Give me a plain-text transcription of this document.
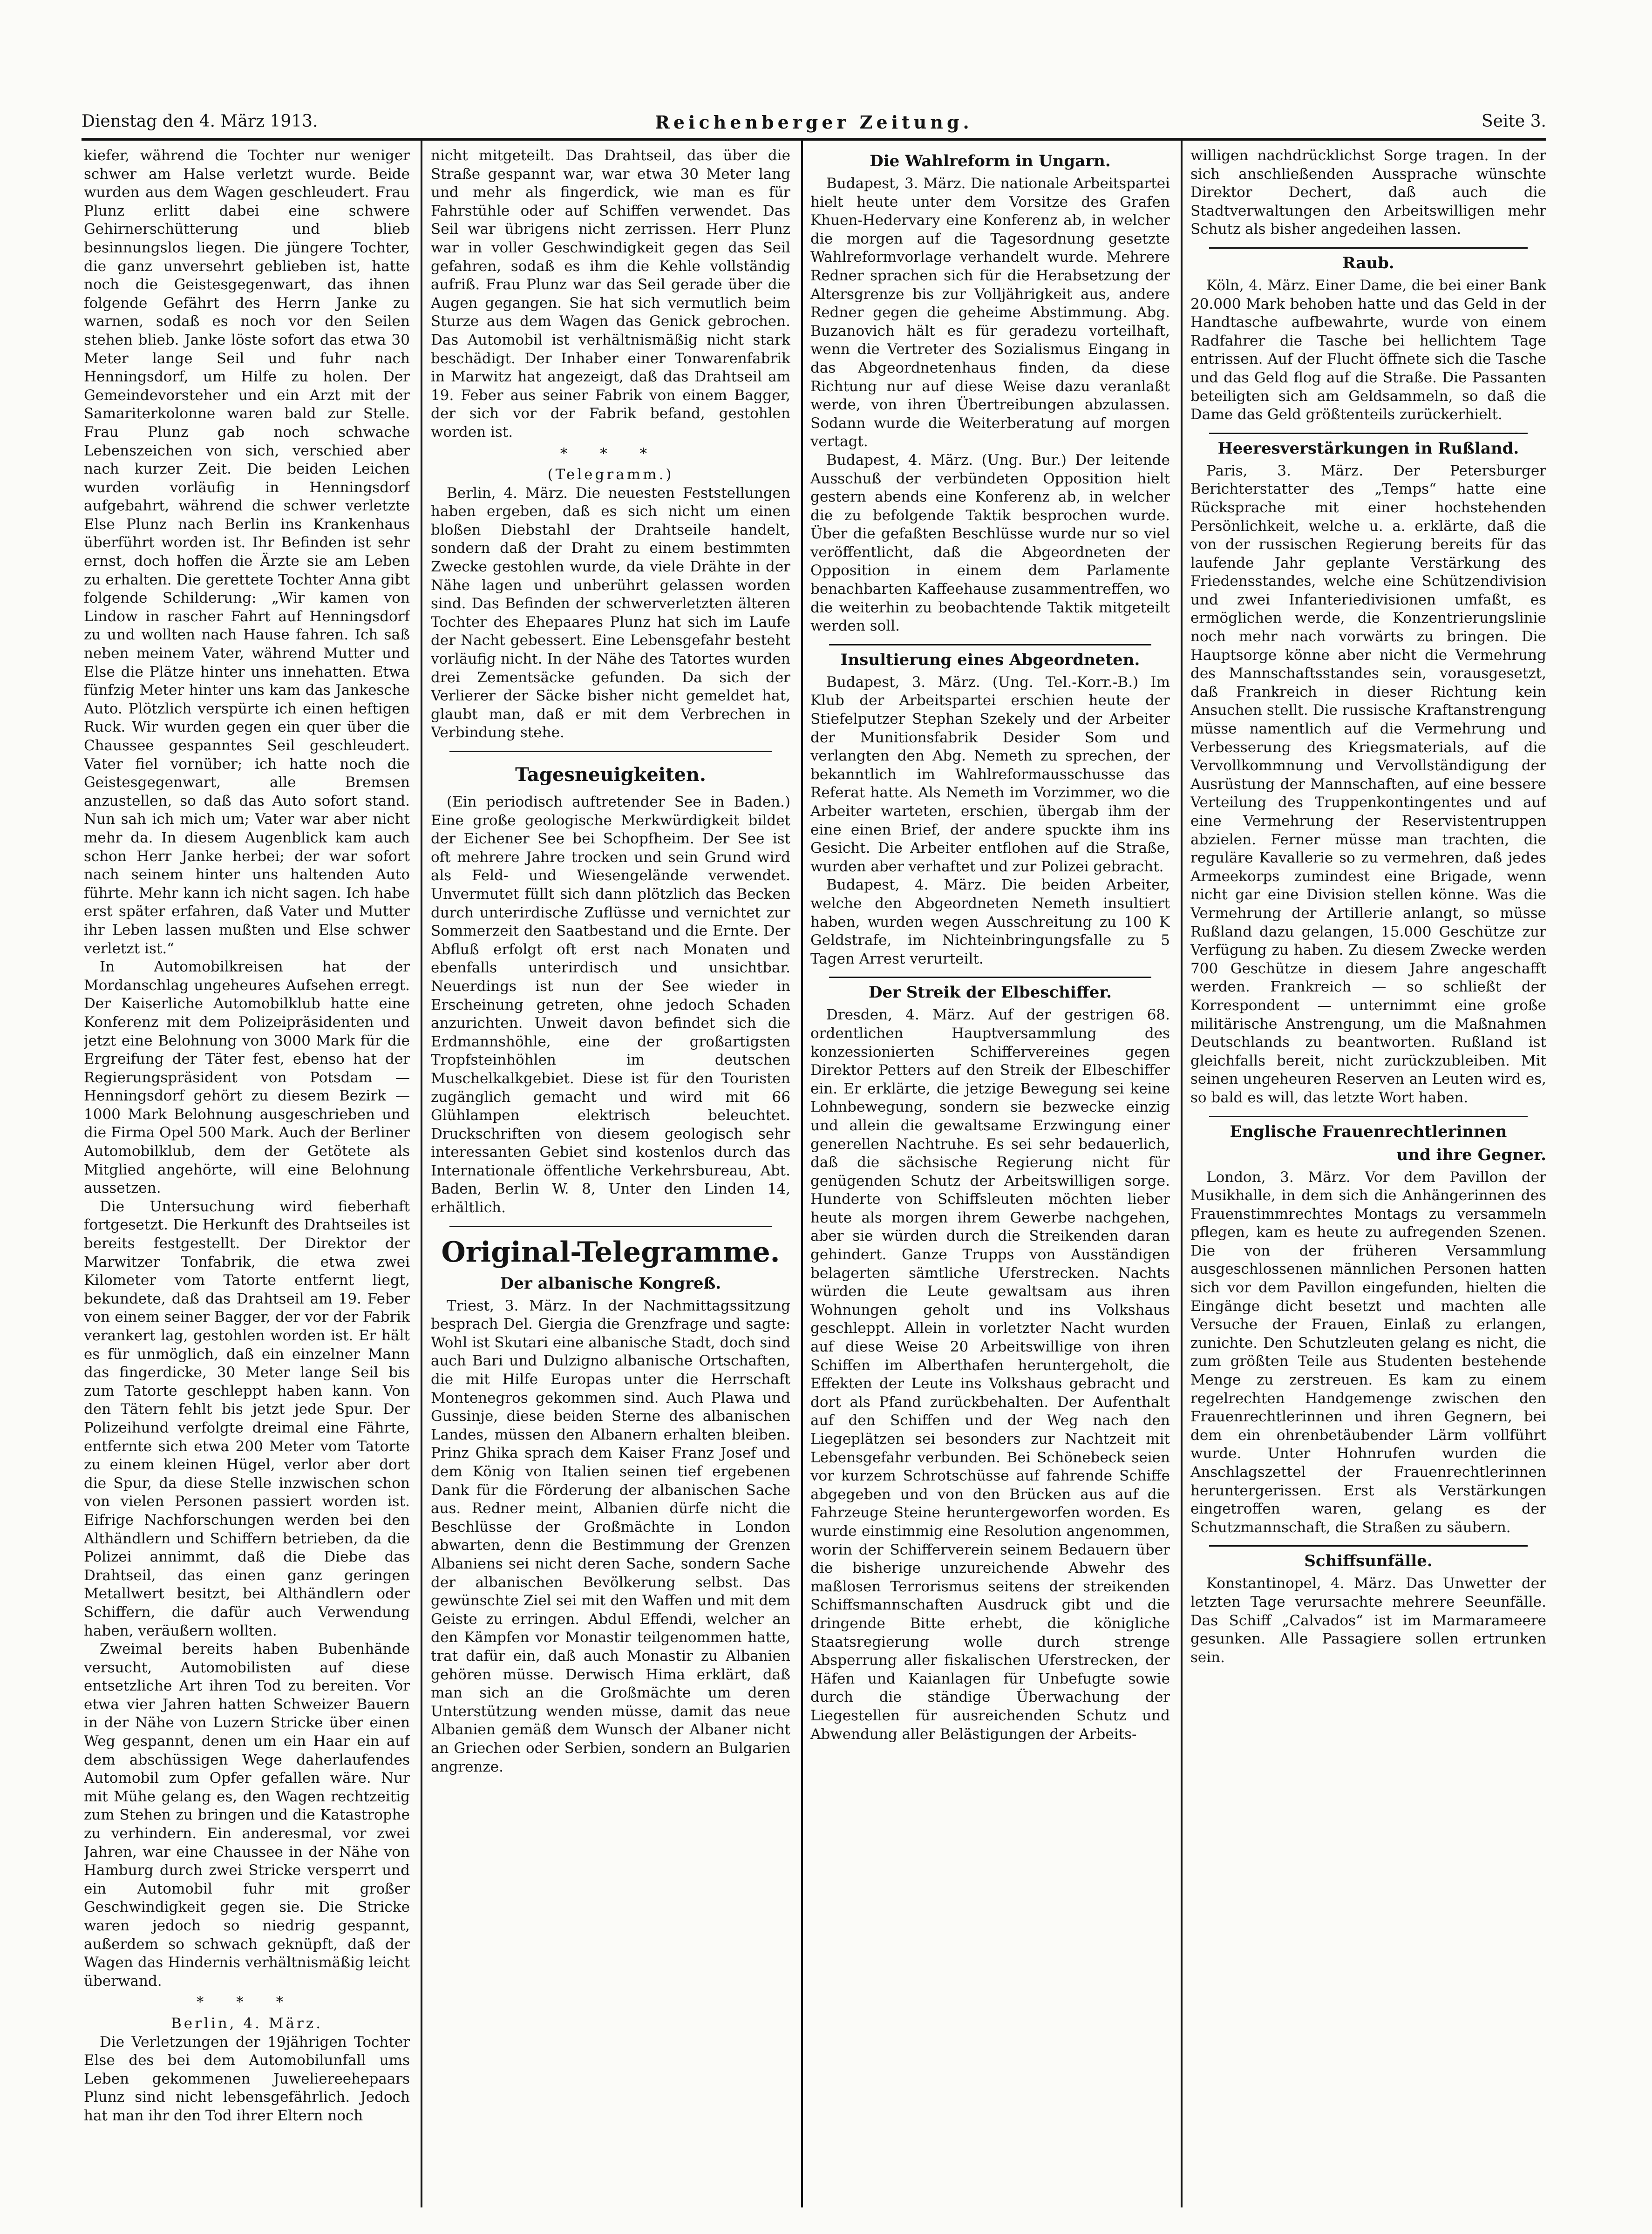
Dienstag den 4. März 1913.	Reichenberger Zeitung.	Seite 3.

kiefer, während die Tochter nur weniger schwer am Halse verletzt wurde. Beide wurden aus dem Wagen geschleudert. Frau Plunz erlitt dabei eine schwere Gehirnerschütterung und blieb besinnungslos liegen. Die jüngere Tochter, die ganz unversehrt geblieben ist, hatte noch die Geistesgegenwart, das ihnen folgende Gefährt des Herrn Janke zu warnen, sodaß es noch vor den Seilen stehen blieb. Janke löste sofort das etwa 30 Meter lange Seil und fuhr nach Henningsdorf, um Hilfe zu holen. Der Gemeindevorsteher und ein Arzt mit der Samariterkolonne waren bald zur Stelle. Frau Plunz gab noch schwache Lebenszeichen von sich, verschied aber nach kurzer Zeit. Die beiden Leichen wurden vorläufig in Henningsdorf aufgebahrt, während die schwer verletzte Else Plunz nach Berlin ins Krankenhaus überführt worden ist. Ihr Befinden ist sehr ernst, doch hoffen die Ärzte sie am Leben zu erhalten. Die gerettete Tochter Anna gibt folgende Schilderung: „Wir kamen von Lindow in rascher Fahrt auf Henningsdorf zu und wollten nach Hause fahren. Ich saß neben meinem Vater, während Mutter und Else die Plätze hinter uns innehatten. Etwa fünfzig Meter hinter uns kam das Jankesche Auto. Plötzlich verspürte ich einen heftigen Ruck. Wir wurden gegen ein quer über die Chaussee gespanntes Seil geschleudert. Vater fiel vornüber; ich hatte noch die Geistesgegenwart, alle Bremsen anzustellen, so daß das Auto sofort stand. Nun sah ich mich um; Vater war aber nicht mehr da. In diesem Augenblick kam auch schon Herr Janke herbei; der war sofort nach seinem hinter uns haltenden Auto führte. Mehr kann ich nicht sagen. Ich habe erst später erfahren, daß Vater und Mutter ihr Leben lassen mußten und Else schwer verletzt ist.“

In Automobilkreisen hat der Mordanschlag ungeheures Aufsehen erregt. Der Kaiserliche Automobilklub hatte eine Konferenz mit dem Polizeipräsidenten und jetzt eine Belohnung von 3000 Mark für die Ergreifung der Täter fest, ebenso hat der Regierungspräsident von Potsdam — Henningsdorf gehört zu diesem Bezirk — 1000 Mark Belohnung ausgeschrieben und die Firma Opel 500 Mark. Auch der Berliner Automobilklub, dem der Getötete als Mitglied angehörte, will eine Belohnung aussetzen.

Die Untersuchung wird fieberhaft fortgesetzt. Die Herkunft des Drahtseiles ist bereits festgestellt. Der Direktor der Marwitzer Tonfabrik, die etwa zwei Kilometer vom Tatorte entfernt liegt, bekundete, daß das Drahtseil am 19. Feber von einem seiner Bagger, der vor der Fabrik verankert lag, gestohlen worden ist. Er hält es für unmöglich, daß ein einzelner Mann das fingerdicke, 30 Meter lange Seil bis zum Tatorte geschleppt haben kann. Von den Tätern fehlt bis jetzt jede Spur. Der Polizeihund verfolgte dreimal eine Fährte, entfernte sich etwa 200 Meter vom Tatorte zu einem kleinen Hügel, verlor aber dort die Spur, da diese Stelle inzwischen schon von vielen Personen passiert worden ist. Eifrige Nachforschungen werden bei den Althändlern und Schiffern betrieben, da die Polizei annimmt, daß die Diebe das Drahtseil, das einen ganz geringen Metallwert besitzt, bei Althändlern oder Schiffern, die dafür auch Verwendung haben, veräußern wollten.

Zweimal bereits haben Bubenhände versucht, Automobilisten auf diese entsetzliche Art ihren Tod zu bereiten. Vor etwa vier Jahren hatten Schweizer Bauern in der Nähe von Luzern Stricke über einen Weg gespannt, denen um ein Haar ein auf dem abschüssigen Wege daherlaufendes Automobil zum Opfer gefallen wäre. Nur mit Mühe gelang es, den Wagen rechtzeitig zum Stehen zu bringen und die Katastrophe zu verhindern. Ein anderesmal, vor zwei Jahren, war eine Chaussee in der Nähe von Hamburg durch zwei Stricke versperrt und ein Automobil fuhr mit großer Geschwindigkeit gegen sie. Die Stricke waren jedoch so niedrig gespannt, außerdem so schwach geknüpft, daß der Wagen das Hindernis verhältnismäßig leicht überwand.

* * *

Berlin, 4. März.

Die Verletzungen der 19jährigen Tochter Else des bei dem Automobilunfall ums Leben gekommenen Juweliereehepaars Plunz sind nicht lebensgefährlich. Jedoch hat man ihr den Tod ihrer Eltern noch

nicht mitgeteilt. Das Drahtseil, das über die Straße gespannt war, war etwa 30 Meter lang und mehr als fingerdick, wie man es für Fahrstühle oder auf Schiffen verwendet. Das Seil war übrigens nicht zerrissen. Herr Plunz war in voller Geschwindigkeit gegen das Seil gefahren, sodaß es ihm die Kehle vollständig aufriß. Frau Plunz war das Seil gerade über die Augen gegangen. Sie hat sich vermutlich beim Sturze aus dem Wagen das Genick gebrochen. Das Automobil ist verhältnismäßig nicht stark beschädigt. Der Inhaber einer Tonwarenfabrik in Marwitz hat angezeigt, daß das Drahtseil am 19. Feber aus seiner Fabrik von einem Bagger, der sich vor der Fabrik befand, gestohlen worden ist.

* * *

(Telegramm.)

Berlin, 4. März. Die neuesten Feststellungen haben ergeben, daß es sich nicht um einen bloßen Diebstahl der Drahtseile handelt, sondern daß der Draht zu einem bestimmten Zwecke gestohlen wurde, da viele Drähte in der Nähe lagen und unberührt gelassen worden sind. Das Befinden der schwerverletzten älteren Tochter des Ehepaares Plunz hat sich im Laufe der Nacht gebessert. Eine Lebensgefahr besteht vorläufig nicht. In der Nähe des Tatortes wurden drei Zementsäcke gefunden. Da sich der Verlierer der Säcke bisher nicht gemeldet hat, glaubt man, daß er mit dem Verbrechen in Verbindung stehe.

Tagesneuigkeiten.

(Ein periodisch auftretender See in Baden.) Eine große geologische Merkwürdigkeit bildet der Eichener See bei Schopfheim. Der See ist oft mehrere Jahre trocken und sein Grund wird als Feld- und Wiesengelände verwendet. Unvermutet füllt sich dann plötzlich das Becken durch unterirdische Zuflüsse und vernichtet zur Sommerzeit den Saatbestand und die Ernte. Der Abfluß erfolgt oft erst nach Monaten und ebenfalls unterirdisch und unsichtbar. Neuerdings ist nun der See wieder in Erscheinung getreten, ohne jedoch Schaden anzurichten. Unweit davon befindet sich die Erdmannshöhle, eine der großartigsten Tropfsteinhöhlen im deutschen Muschelkalkgebiet. Diese ist für den Touristen zugänglich gemacht und wird mit 66 Glühlampen elektrisch beleuchtet. Druckschriften von diesem geologisch sehr interessanten Gebiet sind kostenlos durch das Internationale öffentliche Verkehrsbureau, Abt. Baden, Berlin W. 8, Unter den Linden 14, erhältlich.

Original-Telegramme.
Der albanische Kongreß.

Triest, 3. März. In der Nachmittagssitzung besprach Del. Giergia die Grenzfrage und sagte: Wohl ist Skutari eine albanische Stadt, doch sind auch Bari und Dulzigno albanische Ortschaften, die mit Hilfe Europas unter die Herrschaft Montenegros gekommen sind. Auch Plawa und Gussinje, diese beiden Sterne des albanischen Landes, müssen den Albanern erhalten bleiben. Prinz Ghika sprach dem Kaiser Franz Josef und dem König von Italien seinen tief ergebenen Dank für die Förderung der albanischen Sache aus. Redner meint, Albanien dürfe nicht die Beschlüsse der Großmächte in London abwarten, denn die Bestimmung der Grenzen Albaniens sei nicht deren Sache, sondern Sache der albanischen Bevölkerung selbst. Das gewünschte Ziel sei mit den Waffen und mit dem Geiste zu erringen. Abdul Effendi, welcher an den Kämpfen vor Monastir teilgenommen hatte, trat dafür ein, daß auch Monastir zu Albanien gehören müsse. Derwisch Hima erklärt, daß man sich an die Großmächte um deren Unterstützung wenden müsse, damit das neue Albanien gemäß dem Wunsch der Albaner nicht an Griechen oder Serbien, sondern an Bulgarien angrenze.

Die Wahlreform in Ungarn.

Budapest, 3. März. Die nationale Arbeitspartei hielt heute unter dem Vorsitze des Grafen Khuen-Hedervary eine Konferenz ab, in welcher die morgen auf die Tagesordnung gesetzte Wahlreformvorlage verhandelt wurde. Mehrere Redner sprachen sich für die Herabsetzung der Altersgrenze bis zur Volljährigkeit aus, andere Redner gegen die geheime Abstimmung. Abg. Buzanovich hält es für geradezu vorteilhaft, wenn die Vertreter des Sozialismus Eingang in das Abgeordnetenhaus finden, da diese Richtung nur auf diese Weise dazu veranlaßt werde, von ihren Übertreibungen abzulassen. Sodann wurde die Weiterberatung auf morgen vertagt.

Budapest, 4. März. (Ung. Bur.) Der leitende Ausschuß der verbündeten Opposition hielt gestern abends eine Konferenz ab, in welcher die zu befolgende Taktik besprochen wurde. Über die gefaßten Beschlüsse wurde nur so viel veröffentlicht, daß die Abgeordneten der Opposition in einem dem Parlamente benachbarten Kaffeehause zusammentreffen, wo die weiterhin zu beobachtende Taktik mitgeteilt werden soll.

Insultierung eines Abgeordneten.

Budapest, 3. März. (Ung. Tel.-Korr.-B.) Im Klub der Arbeitspartei erschien heute der Stiefelputzer Stephan Szekely und der Arbeiter der Munitionsfabrik Desider Som und verlangten den Abg. Nemeth zu sprechen, der bekanntlich im Wahlreformausschusse das Referat hatte. Als Nemeth im Vorzimmer, wo die Arbeiter warteten, erschien, übergab ihm der eine einen Brief, der andere spuckte ihm ins Gesicht. Die Arbeiter entflohen auf die Straße, wurden aber verhaftet und zur Polizei gebracht.

Budapest, 4. März. Die beiden Arbeiter, welche den Abgeordneten Nemeth insultiert haben, wurden wegen Ausschreitung zu 100 K Geldstrafe, im Nichteinbringungsfalle zu 5 Tagen Arrest verurteilt.

Der Streik der Elbeschiffer.

Dresden, 4. März. Auf der gestrigen 68. ordentlichen Hauptversammlung des konzessionierten Schiffervereines gegen Direktor Petters auf den Streik der Elbeschiffer ein. Er erklärte, die jetzige Bewegung sei keine Lohnbewegung, sondern sie bezwecke einzig und allein die gewaltsame Erzwingung einer generellen Nachtruhe. Es sei sehr bedauerlich, daß die sächsische Regierung nicht für genügenden Schutz der Arbeitswilligen sorge. Hunderte von Schiffsleuten möchten lieber heute als morgen ihrem Gewerbe nachgehen, aber sie würden durch die Streikenden daran gehindert. Ganze Trupps von Ausständigen belagerten sämtliche Uferstrecken. Nachts würden die Leute gewaltsam aus ihren Wohnungen geholt und ins Volkshaus geschleppt. Allein in vorletzter Nacht wurden auf diese Weise 20 Arbeitswillige von ihren Schiffen im Alberthafen heruntergeholt, die Effekten der Leute ins Volkshaus gebracht und dort als Pfand zurückbehalten. Der Aufenthalt auf den Schiffen und der Weg nach den Liegeplätzen sei besonders zur Nachtzeit mit Lebensgefahr verbunden. Bei Schönebeck seien vor kurzem Schrotschüsse auf fahrende Schiffe abgegeben und von den Brücken aus auf die Fahrzeuge Steine heruntergeworfen worden. Es wurde einstimmig eine Resolution angenommen, worin der Schifferverein seinem Bedauern über die bisherige unzureichende Abwehr des maßlosen Terrorismus seitens der streikenden Schiffsmannschaften Ausdruck gibt und die dringende Bitte erhebt, die königliche Staatsregierung wolle durch strenge Absperrung aller fiskalischen Uferstrecken, der Häfen und Kaianlagen für Unbefugte sowie durch die ständige Überwachung der Liegestellen für ausreichenden Schutz und Abwendung aller Belästigungen der Arbeits-

willigen nachdrücklichst Sorge tragen. In der sich anschließenden Aussprache wünschte Direktor Dechert, daß auch die Stadtverwaltungen den Arbeitswilligen mehr Schutz als bisher angedeihen lassen.

Raub.

Köln, 4. März. Einer Dame, die bei einer Bank 20.000 Mark behoben hatte und das Geld in der Handtasche aufbewahrte, wurde von einem Radfahrer die Tasche bei hellichtem Tage entrissen. Auf der Flucht öffnete sich die Tasche und das Geld flog auf die Straße. Die Passanten beteiligten sich am Geldsammeln, so daß die Dame das Geld größtenteils zurückerhielt.

Heeresverstärkungen in Rußland.

Paris, 3. März. Der Petersburger Berichterstatter des „Temps“ hatte eine Rücksprache mit einer hochstehenden Persönlichkeit, welche u. a. erklärte, daß die von der russischen Regierung bereits für das laufende Jahr geplante Verstärkung des Friedensstandes, welche eine Schützendivision und zwei Infanteriedivisionen umfaßt, es ermöglichen werde, die Konzentrierungslinie noch mehr nach vorwärts zu bringen. Die Hauptsorge könne aber nicht die Vermehrung des Mannschaftsstandes sein, vorausgesetzt, daß Frankreich in dieser Richtung kein Ansuchen stellt. Die russische Kraftanstrengung müsse namentlich auf die Vermehrung und Verbesserung des Kriegsmaterials, auf die Vervollkommnung und Vervollständigung der Ausrüstung der Mannschaften, auf eine bessere Verteilung des Truppenkontingentes und auf eine Vermehrung der Reservistentruppen abzielen. Ferner müsse man trachten, die reguläre Kavallerie so zu vermehren, daß jedes Armeekorps zumindest eine Brigade, wenn nicht gar eine Division stellen könne. Was die Vermehrung der Artillerie anlangt, so müsse Rußland dazu gelangen, 15.000 Geschütze zur Verfügung zu haben. Zu diesem Zwecke werden 700 Geschütze in diesem Jahre angeschafft werden. Frankreich — so schließt der Korrespondent — unternimmt eine große militärische Anstrengung, um die Maßnahmen Deutschlands zu beantworten. Rußland ist gleichfalls bereit, nicht zurückzubleiben. Mit seinen ungeheuren Reserven an Leuten wird es, so bald es will, das letzte Wort haben.

Englische Frauenrechtlerinnen
und ihre Gegner.

London, 3. März. Vor dem Pavillon der Musikhalle, in dem sich die Anhängerinnen des Frauenstimmrechtes Montags zu versammeln pflegen, kam es heute zu aufregenden Szenen. Die von der früheren Versammlung ausgeschlossenen männlichen Personen hatten sich vor dem Pavillon eingefunden, hielten die Eingänge dicht besetzt und machten alle Versuche der Frauen, Einlaß zu erlangen, zunichte. Den Schutzleuten gelang es nicht, die zum größten Teile aus Studenten bestehende Menge zu zerstreuen. Es kam zu einem regelrechten Handgemenge zwischen den Frauenrechtlerinnen und ihren Gegnern, bei dem ein ohrenbetäubender Lärm vollführt wurde. Unter Hohnrufen wurden die Anschlagszettel der Frauenrechtlerinnen heruntergerissen. Erst als Verstärkungen eingetroffen waren, gelang es der Schutzmannschaft, die Straßen zu säubern.

Schiffsunfälle.

Konstantinopel, 4. März. Das Unwetter der letzten Tage verursachte mehrere Seeunfälle. Das Schiff „Calvados“ ist im Marmarameere gesunken. Alle Passagiere sollen ertrunken sein.
